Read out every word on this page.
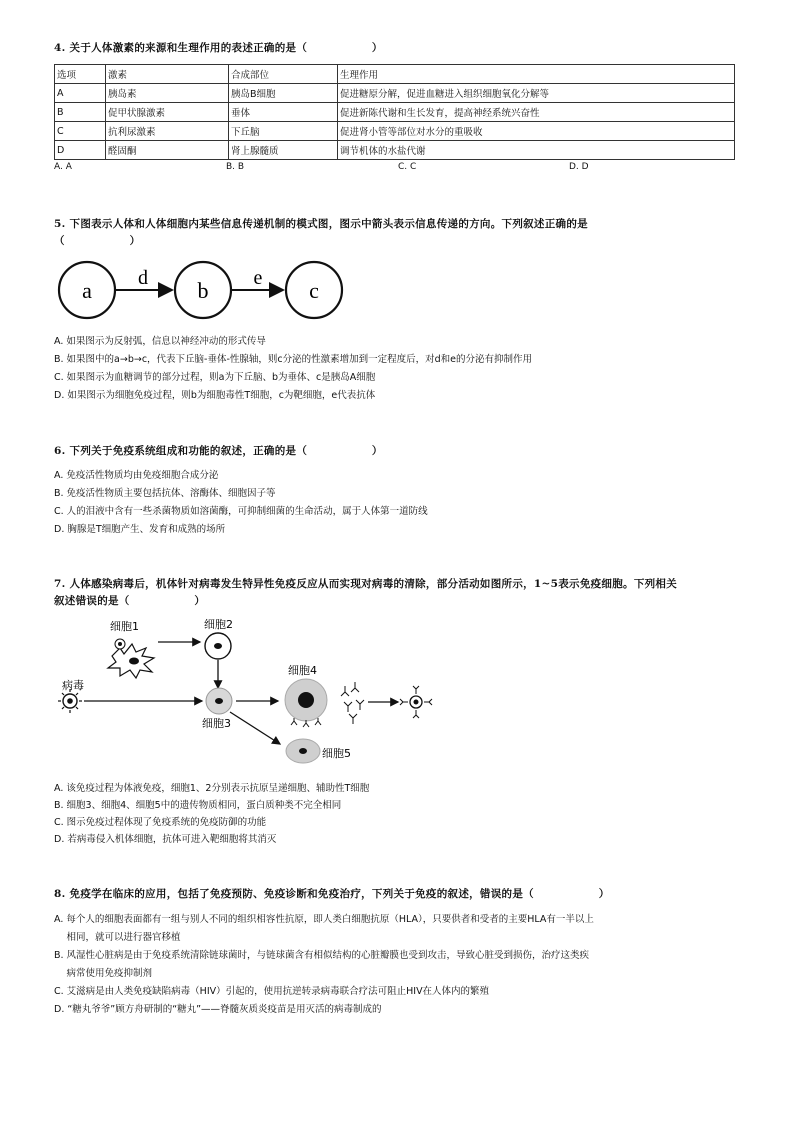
4. 关于人体激素的来源和生理作用的表述正确的是（　　　　　　）
选项	激素	合成部位	生理作用
A	胰岛素	胰岛B细胞	促进糖原分解，促进血糖进入组织细胞氧化分解等
B	促甲状腺激素	垂体	促进新陈代谢和生长发育，提高神经系统兴奋性
C	抗利尿激素	下丘脑	促进肾小管等部位对水分的重吸收
D	醛固酮	肾上腺髓质	调节机体的水盐代谢
A. A	B. B	C. C	D. D
5. 下图表示人体和人体细胞内某些信息传递机制的模式图，图示中箭头表示信息传递的方向。下列叙述正确的是
（　　　　　　）
a	b	c
d	e
A. 如果图示为反射弧，信息以神经冲动的形式传导
B. 如果图中的a→b→c，代表下丘脑-垂体-性腺轴，则c分泌的性激素增加到一定程度后，对d和e的分泌有抑制作用
C. 如果图示为血糖调节的部分过程，则a为下丘脑、b为垂体、c是胰岛A细胞
D. 如果图示为细胞免疫过程，则b为细胞毒性T细胞，c为靶细胞，e代表抗体
6. 下列关于免疫系统组成和功能的叙述，正确的是（　　　　　　）
A. 免疫活性物质均由免疫细胞合成分泌
B. 免疫活性物质主要包括抗体、溶酶体、细胞因子等
C. 人的泪液中含有一些杀菌物质如溶菌酶，可抑制细菌的生命活动，属于人体第一道防线
D. 胸腺是T细胞产生、发育和成熟的场所
7. 人体感染病毒后，机体针对病毒发生特异性免疫反应从而实现对病毒的清除，部分活动如图所示，1~5表示免疫细胞。下列相关
叙述错误的是（　　　　　　）
细胞1	细胞2
病毒
细胞4
细胞3
细胞5
A. 该免疫过程为体液免疫，细胞1、2分别表示抗原呈递细胞、辅助性T细胞
B. 细胞3、细胞4、细胞5中的遗传物质相同，蛋白质种类不完全相同
C. 图示免疫过程体现了免疫系统的免疫防御的功能
D. 若病毒侵入机体细胞，抗体可进入靶细胞将其消灭
8. 免疫学在临床的应用，包括了免疫预防、免疫诊断和免疫治疗，下列关于免疫的叙述，错误的是（　　　　　　）
A. 每个人的细胞表面都有一组与别人不同的组织相容性抗原，即人类白细胞抗原（HLA），只要供者和受者的主要HLA有一半以上
　 相同，就可以进行器官移植
B. 风湿性心脏病是由于免疫系统清除链球菌时，与链球菌含有相似结构的心脏瓣膜也受到攻击，导致心脏受到损伤，治疗这类疾
　 病常使用免疫抑制剂
C. 艾滋病是由人类免疫缺陷病毒（HIV）引起的，使用抗逆转录病毒联合疗法可阻止HIV在人体内的繁殖
D. “糖丸爷爷”顾方舟研制的“糖丸”——脊髓灰质炎疫苗是用灭活的病毒制成的
